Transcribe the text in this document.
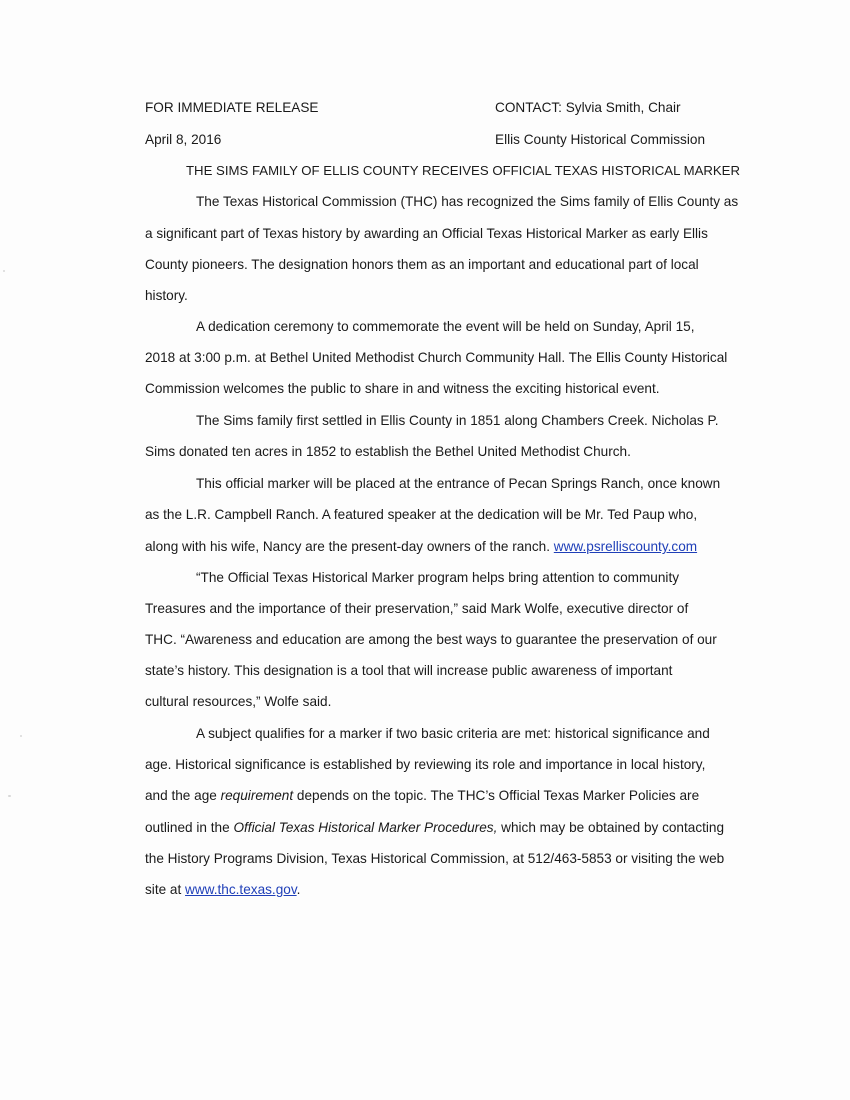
FOR IMMEDIATE RELEASE	CONTACT: Sylvia Smith, Chair
April 8, 2016	Ellis County Historical Commission
THE SIMS FAMILY OF ELLIS COUNTY RECEIVES OFFICIAL TEXAS HISTORICAL MARKER
The Texas Historical Commission (THC) has recognized the Sims family of Ellis County as
a significant part of Texas history by awarding an Official Texas Historical Marker as early Ellis
County pioneers. The designation honors them as an important and educational part of local
history.
A dedication ceremony to commemorate the event will be held on Sunday, April 15,
2018 at 3:00 p.m. at Bethel United Methodist Church Community Hall. The Ellis County Historical
Commission welcomes the public to share in and witness the exciting historical event.
The Sims family first settled in Ellis County in 1851 along Chambers Creek. Nicholas P.
Sims donated ten acres in 1852 to establish the Bethel United Methodist Church.
This official marker will be placed at the entrance of Pecan Springs Ranch, once known
as the L.R. Campbell Ranch. A featured speaker at the dedication will be Mr. Ted Paup who,
along with his wife, Nancy are the present-day owners of the ranch. www.psrelliscounty.com
“The Official Texas Historical Marker program helps bring attention to community
Treasures and the importance of their preservation,” said Mark Wolfe, executive director of
THC. “Awareness and education are among the best ways to guarantee the preservation of our
state’s history. This designation is a tool that will increase public awareness of important
cultural resources,” Wolfe said.
A subject qualifies for a marker if two basic criteria are met: historical significance and
age. Historical significance is established by reviewing its role and importance in local history,
and the age requirement depends on the topic. The THC’s Official Texas Marker Policies are
outlined in the Official Texas Historical Marker Procedures, which may be obtained by contacting
the History Programs Division, Texas Historical Commission, at 512/463-5853 or visiting the web
site at www.thc.texas.gov.
